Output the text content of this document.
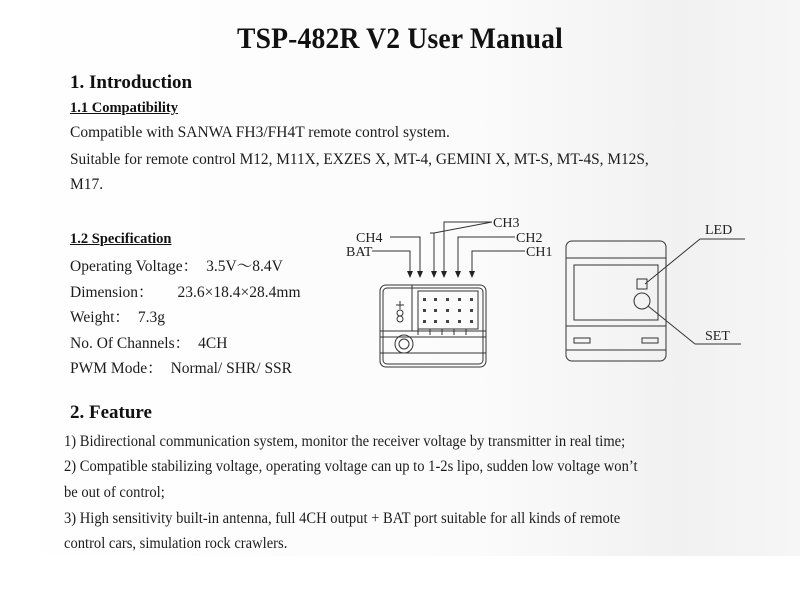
TSP-482R V2 User Manual
1. Introduction
1.1 Compatibility
Compatible with SANWA FH3/FH4T remote control system.
Suitable for remote control M12, M11X, EXZES X, MT-4, GEMINI X, MT-S, MT-4S, M12S,
M17.
1.2 Specification
Operating Voltage： 3.5V～8.4V
Dimension： 23.6×18.4×28.4mm
Weight： 7.3g
No. Of Channels： 4CH
PWM Mode： Normal/ SHR/ SSR
CH3
CH4	CH2
BAT	CH1
LED
SET
2. Feature
1) Bidirectional communication system, monitor the receiver voltage by transmitter in real time;
2) Compatible stabilizing voltage, operating voltage can up to 1-2s lipo, sudden low voltage won’t
be out of control;
3) High sensitivity built-in antenna, full 4CH output + BAT port suitable for all kinds of remote
control cars, simulation rock crawlers.
